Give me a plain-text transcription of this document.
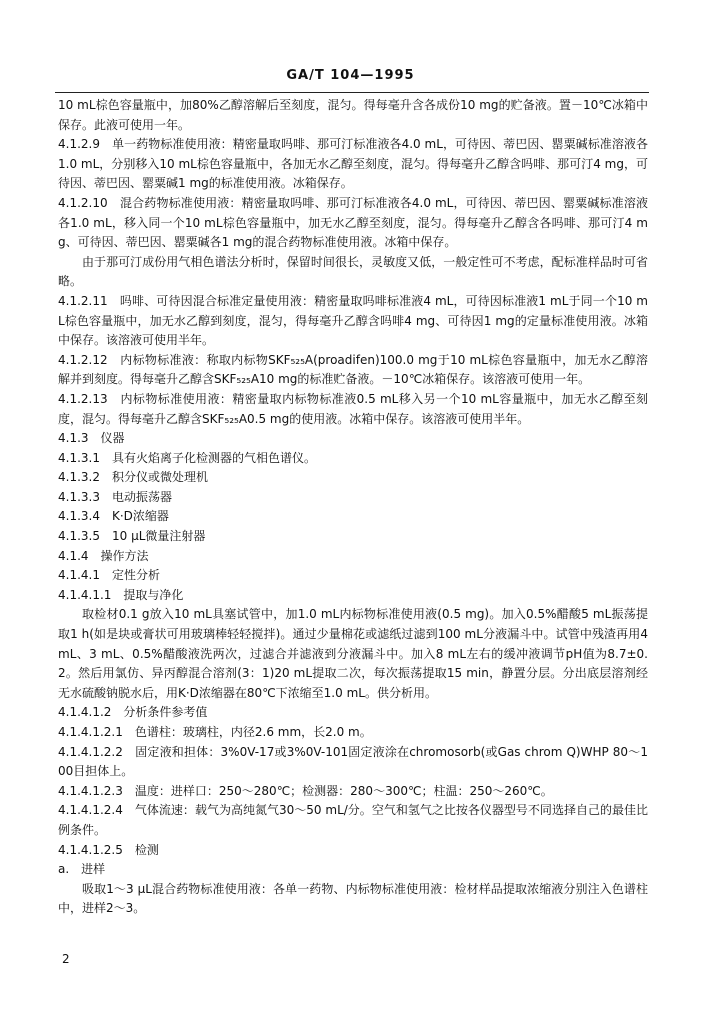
GA/T 104—1995

10 mL棕色容量瓶中，加80%乙醇溶解后至刻度，混匀。得每毫升含各成份10 mg的贮备液。置－10℃冰箱中保存。此液可使用一年。

4.1.2.9　单一药物标准使用液：精密量取吗啡、那可汀标准液各4.0 mL，可待因、蒂巴因、罂粟碱标准溶液各1.0 mL，分别移入10 mL棕色容量瓶中，各加无水乙醇至刻度，混匀。得每毫升乙醇含吗啡、那可汀4 mg，可待因、蒂巴因、罂粟碱1 mg的标准使用液。冰箱保存。

4.1.2.10　混合药物标准使用液：精密量取吗啡、那可汀标准液各4.0 mL，可待因、蒂巴因、罂粟碱标准溶液各1.0 mL，移入同一个10 mL棕色容量瓶中，加无水乙醇至刻度，混匀。得每毫升乙醇含各吗啡、那可汀4 mg、可待因、蒂巴因、罂粟碱各1 mg的混合药物标准使用液。冰箱中保存。

由于那可汀成份用气相色谱法分析时，保留时间很长，灵敏度又低，一般定性可不考虑，配标准样品时可省略。

4.1.2.11　吗啡、可待因混合标准定量使用液：精密量取吗啡标准液4 mL，可待因标准液1 mL于同一个10 mL棕色容量瓶中，加无水乙醇到刻度，混匀，得每毫升乙醇含吗啡4 mg、可待因1 mg的定量标准使用液。冰箱中保存。该溶液可使用半年。

4.1.2.12　内标物标准液：称取内标物SKF₅₂₅A(proadifen)100.0 mg于10 mL棕色容量瓶中，加无水乙醇溶解并到刻度。得每毫升乙醇含SKF₅₂₅A10 mg的标准贮备液。－10℃冰箱保存。该溶液可使用一年。

4.1.2.13　内标物标准使用液：精密量取内标物标准液0.5 mL移入另一个10 mL容量瓶中，加无水乙醇至刻度，混匀。得每毫升乙醇含SKF₅₂₅A0.5 mg的使用液。冰箱中保存。该溶液可使用半年。

4.1.3　仪器

4.1.3.1　具有火焰离子化检测器的气相色谱仪。

4.1.3.2　积分仪或微处理机

4.1.3.3　电动振荡器

4.1.3.4　K·D浓缩器

4.1.3.5　10 μL微量注射器

4.1.4　操作方法

4.1.4.1　定性分析

4.1.4.1.1　提取与净化

取检材0.1 g放入10 mL具塞试管中，加1.0 mL内标物标准使用液(0.5 mg)。加入0.5%醋酸5 mL振荡提取1 h(如是块或膏状可用玻璃棒轻轻搅拌)。通过少量棉花或滤纸过滤到100 mL分液漏斗中。试管中残渣再用4 mL、3 mL、0.5%醋酸液洗两次，过滤合并滤液到分液漏斗中。加入8 mL左右的缓冲液调节pH值为8.7±0.2。然后用氯仿、异丙醇混合溶剂(3：1)20 mL提取二次，每次振荡提取15 min，静置分层。分出底层溶剂经无水硫酸钠脱水后，用K·D浓缩器在80℃下浓缩至1.0 mL。供分析用。

4.1.4.1.2　分析条件参考值

4.1.4.1.2.1　色谱柱：玻璃柱，内径2.6 mm，长2.0 m。

4.1.4.1.2.2　固定液和担体：3%0V-17或3%0V-101固定液涂在chromosorb(或Gas chrom Q)WHP 80～100目担体上。

4.1.4.1.2.3　温度：进样口：250～280℃；检测器：280～300℃；柱温：250～260℃。

4.1.4.1.2.4　气体流速：载气为高纯氮气30～50 mL/分。空气和氢气之比按各仪器型号不同选择自己的最佳比例条件。

4.1.4.1.2.5　检测

a.　进样

吸取1～3 μL混合药物标准使用液：各单一药物、内标物标准使用液：检材样品提取浓缩液分别注入色谱柱中，进样2～3。

2
